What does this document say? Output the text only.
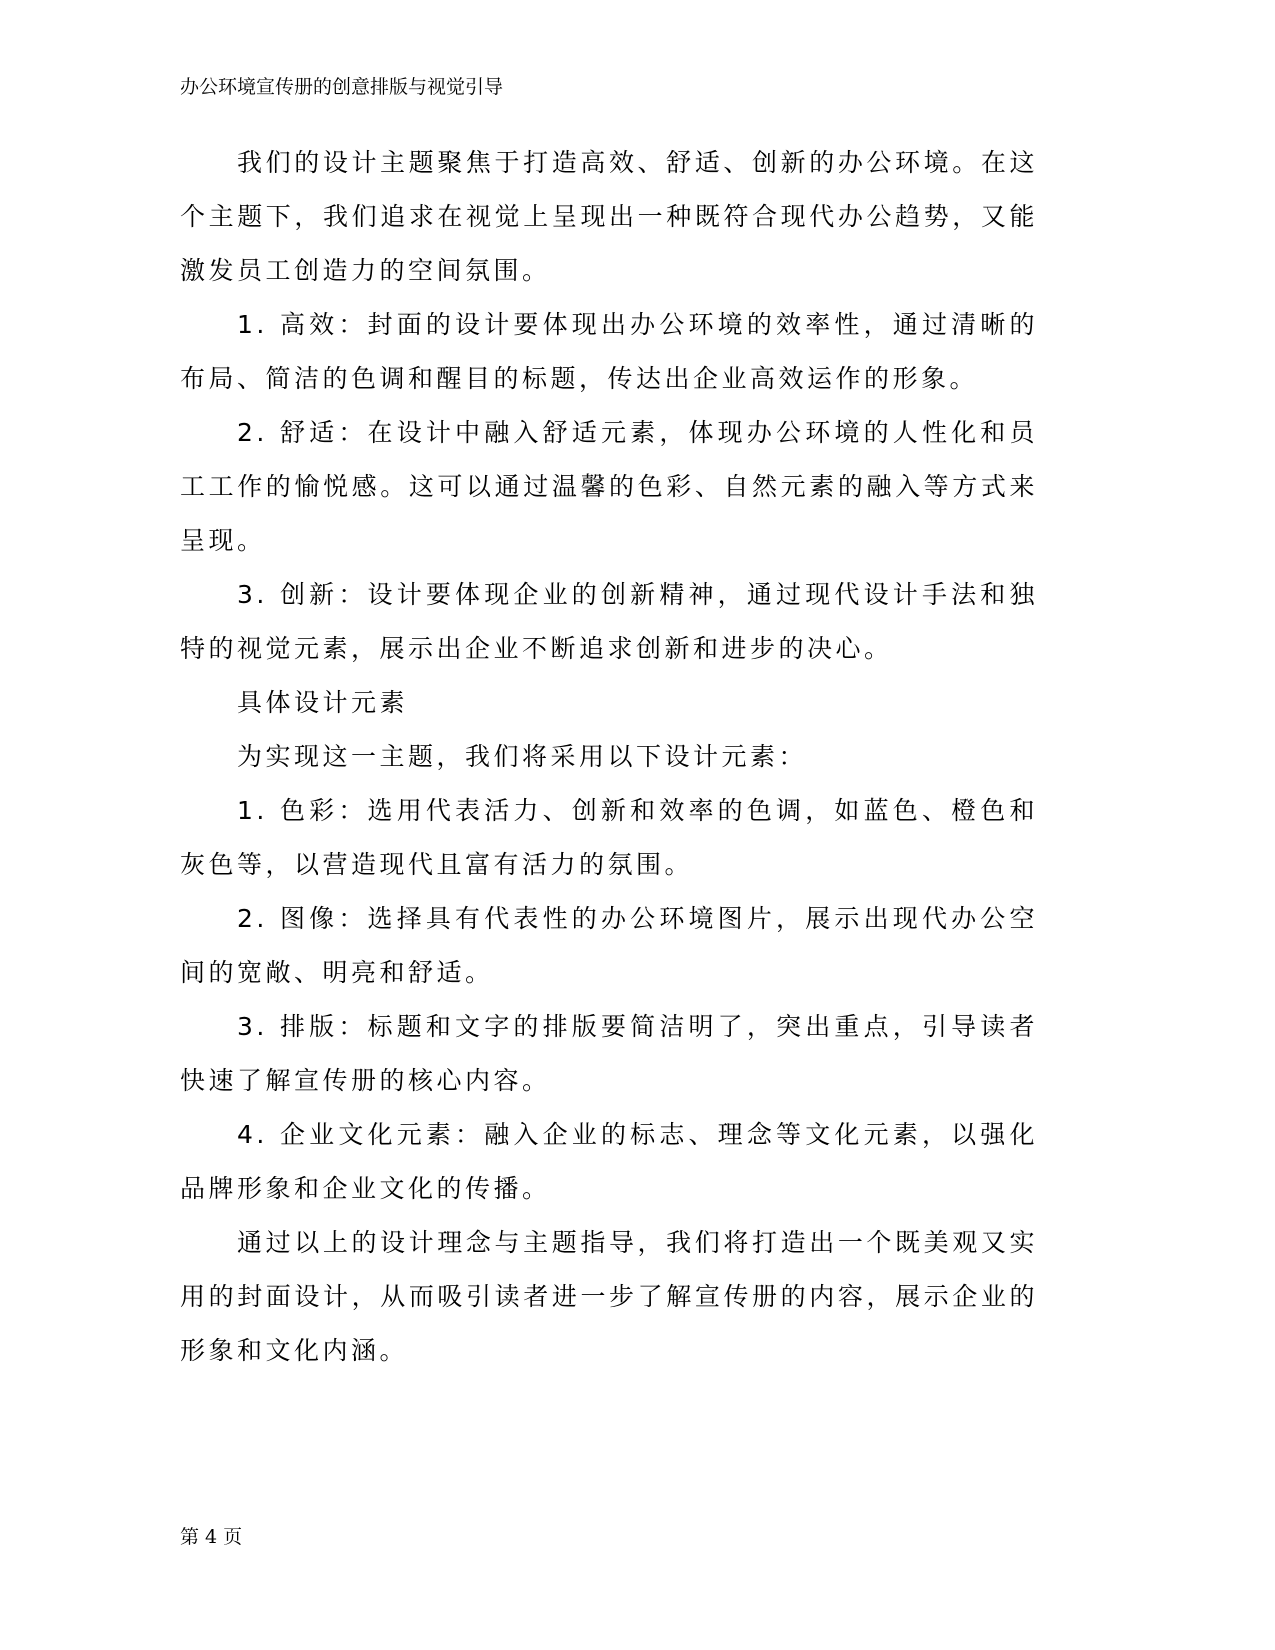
办公环境宣传册的创意排版与视觉引导

我们的设计主题聚焦于打造高效、舒适、创新的办公环境。在这个主题下，我们追求在视觉上呈现出一种既符合现代办公趋势，又能激发员工创造力的空间氛围。

1. 高效：封面的设计要体现出办公环境的效率性，通过清晰的布局、简洁的色调和醒目的标题，传达出企业高效运作的形象。

2. 舒适：在设计中融入舒适元素，体现办公环境的人性化和员工工作的愉悦感。这可以通过温馨的色彩、自然元素的融入等方式来呈现。

3. 创新：设计要体现企业的创新精神，通过现代设计手法和独特的视觉元素，展示出企业不断追求创新和进步的决心。

具体设计元素

为实现这一主题，我们将采用以下设计元素：

1. 色彩：选用代表活力、创新和效率的色调，如蓝色、橙色和灰色等，以营造现代且富有活力的氛围。

2. 图像：选择具有代表性的办公环境图片，展示出现代办公空间的宽敞、明亮和舒适。

3. 排版：标题和文字的排版要简洁明了，突出重点，引导读者快速了解宣传册的核心内容。

4. 企业文化元素：融入企业的标志、理念等文化元素，以强化品牌形象和企业文化的传播。

通过以上的设计理念与主题指导，我们将打造出一个既美观又实用的封面设计，从而吸引读者进一步了解宣传册的内容，展示企业的形象和文化内涵。

第 4 页
